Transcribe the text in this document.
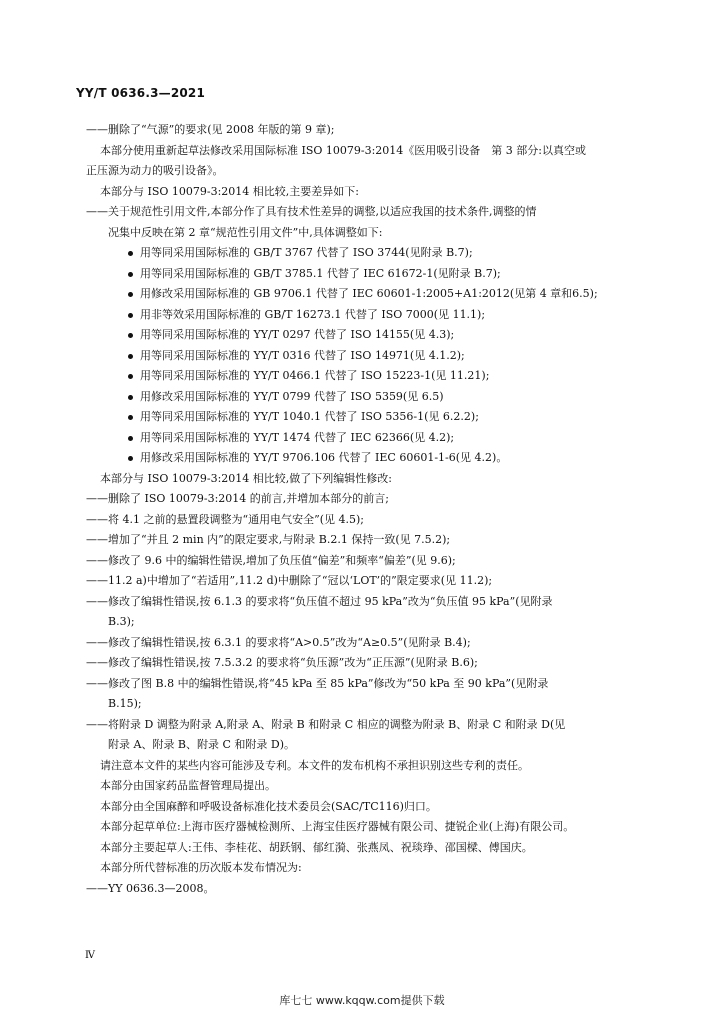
YY/T 0636.3—2021
——删除了“气源”的要求(见 2008 年版的第 9 章);
本部分使用重新起草法修改采用国际标准 ISO 10079-3:2014《医用吸引设备　第 3 部分:以真空或
正压源为动力的吸引设备》。
本部分与 ISO 10079-3:2014 相比较,主要差异如下:
——关于规范性引用文件,本部分作了具有技术性差异的调整,以适应我国的技术条件,调整的情
况集中反映在第 2 章“规范性引用文件”中,具体调整如下:
用等同采用国际标准的 GB/T 3767 代替了 ISO 3744(见附录 B.7);
用等同采用国际标准的 GB/T 3785.1 代替了 IEC 61672-1(见附录 B.7);
用修改采用国际标准的 GB 9706.1 代替了 IEC 60601-1:2005+A1:2012(见第 4 章和6.5);
用非等效采用国际标准的 GB/T 16273.1 代替了 ISO 7000(见 11.1);
用等同采用国际标准的 YY/T 0297 代替了 ISO 14155(见 4.3);
用等同采用国际标准的 YY/T 0316 代替了 ISO 14971(见 4.1.2);
用等同采用国际标准的 YY/T 0466.1 代替了 ISO 15223-1(见 11.21);
用修改采用国际标准的 YY/T 0799 代替了 ISO 5359(见 6.5)
用等同采用国际标准的 YY/T 1040.1 代替了 ISO 5356-1(见 6.2.2);
用等同采用国际标准的 YY/T 1474 代替了 IEC 62366(见 4.2);
用修改采用国际标准的 YY/T 9706.106 代替了 IEC 60601-1-6(见 4.2)。
本部分与 ISO 10079-3:2014 相比较,做了下列编辑性修改:
——删除了 ISO 10079-3:2014 的前言,并增加本部分的前言;
——将 4.1 之前的悬置段调整为“通用电气安全”(见 4.5);
——增加了“并且 2 min 内”的限定要求,与附录 B.2.1 保持一致(见 7.5.2);
——修改了 9.6 中的编辑性错误,增加了负压值“偏差”和频率“偏差”(见 9.6);
——11.2 a)中增加了“若适用”,11.2 d)中删除了“冠以‘LOT’的”限定要求(见 11.2);
——修改了编辑性错误,按 6.1.3 的要求将“负压值不超过 95 kPa”改为“负压值 95 kPa”(见附录
B.3);
——修改了编辑性错误,按 6.3.1 的要求将“A>0.5”改为“A≥0.5”(见附录 B.4);
——修改了编辑性错误,按 7.5.3.2 的要求将“负压源”改为“正压源”(见附录 B.6);
——修改了图 B.8 中的编辑性错误,将“45 kPa 至 85 kPa”修改为“50 kPa 至 90 kPa”(见附录
B.15);
——将附录 D 调整为附录 A,附录 A、附录 B 和附录 C 相应的调整为附录 B、附录 C 和附录 D(见
附录 A、附录 B、附录 C 和附录 D)。
请注意本文件的某些内容可能涉及专利。本文件的发布机构不承担识别这些专利的责任。
本部分由国家药品监督管理局提出。
本部分由全国麻醉和呼吸设备标准化技术委员会(SAC/TC116)归口。
本部分起草单位:上海市医疗器械检测所、上海宝佳医疗器械有限公司、捷锐企业(上海)有限公司。
本部分主要起草人:王伟、李桂花、胡跃钢、郁红漪、张燕凤、祝琰琤、邵国樑、傅国庆。
本部分所代替标准的历次版本发布情况为:
——YY 0636.3—2008。
Ⅳ
库七七 www.kqqw.com提供下载
